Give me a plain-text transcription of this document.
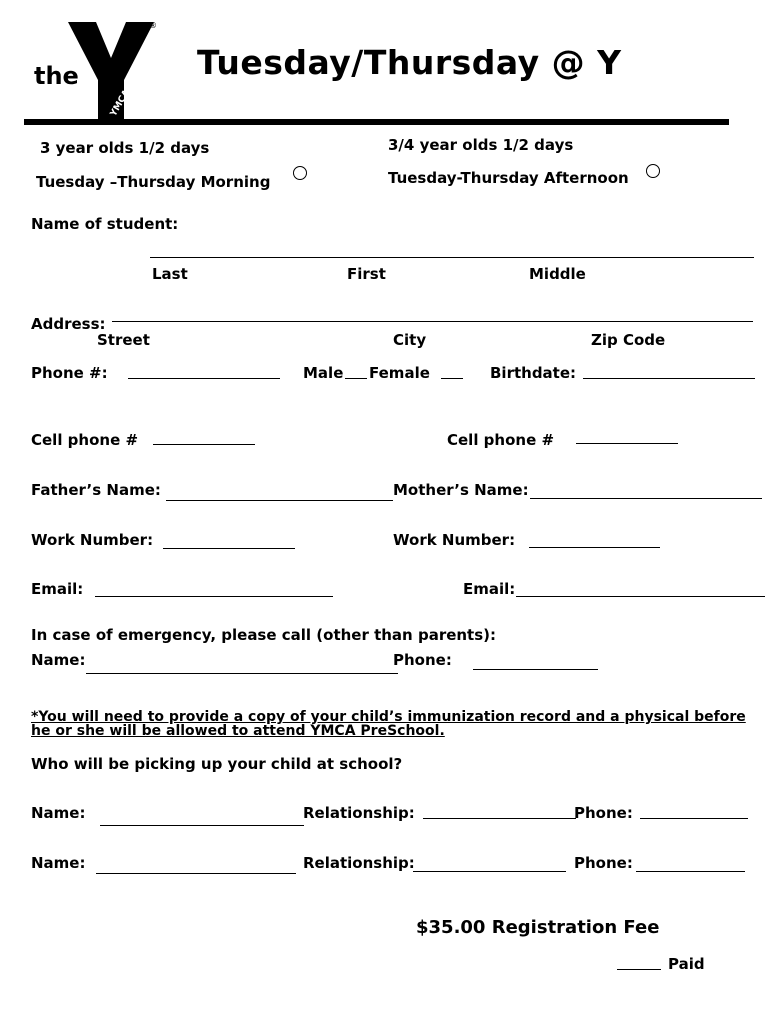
the
YMCA
®
Tuesday/Thursday @ Y
3 year olds 1/2 days
Tuesday –Thursday Morning
3/4 year olds 1/2 days
Tuesday-Thursday Afternoon
Name of student:
Last	First	Middle
Address:
Street	City	Zip Code
Phone #:	Male Female	Birthdate:
Cell phone #	Cell phone #
Father’s Name:	Mother’s Name:
Work Number:	Work Number:
Email:	Email:
In case of emergency, please call (other than parents):
Name:	Phone:
*You will need to provide a copy of your child’s immunization record and a physical before
he or she will be allowed to attend YMCA PreSchool.
Who will be picking up your child at school?
Name:	Relationship:	Phone:
Name:	Relationship:	Phone:
$35.00 Registration Fee
Paid
